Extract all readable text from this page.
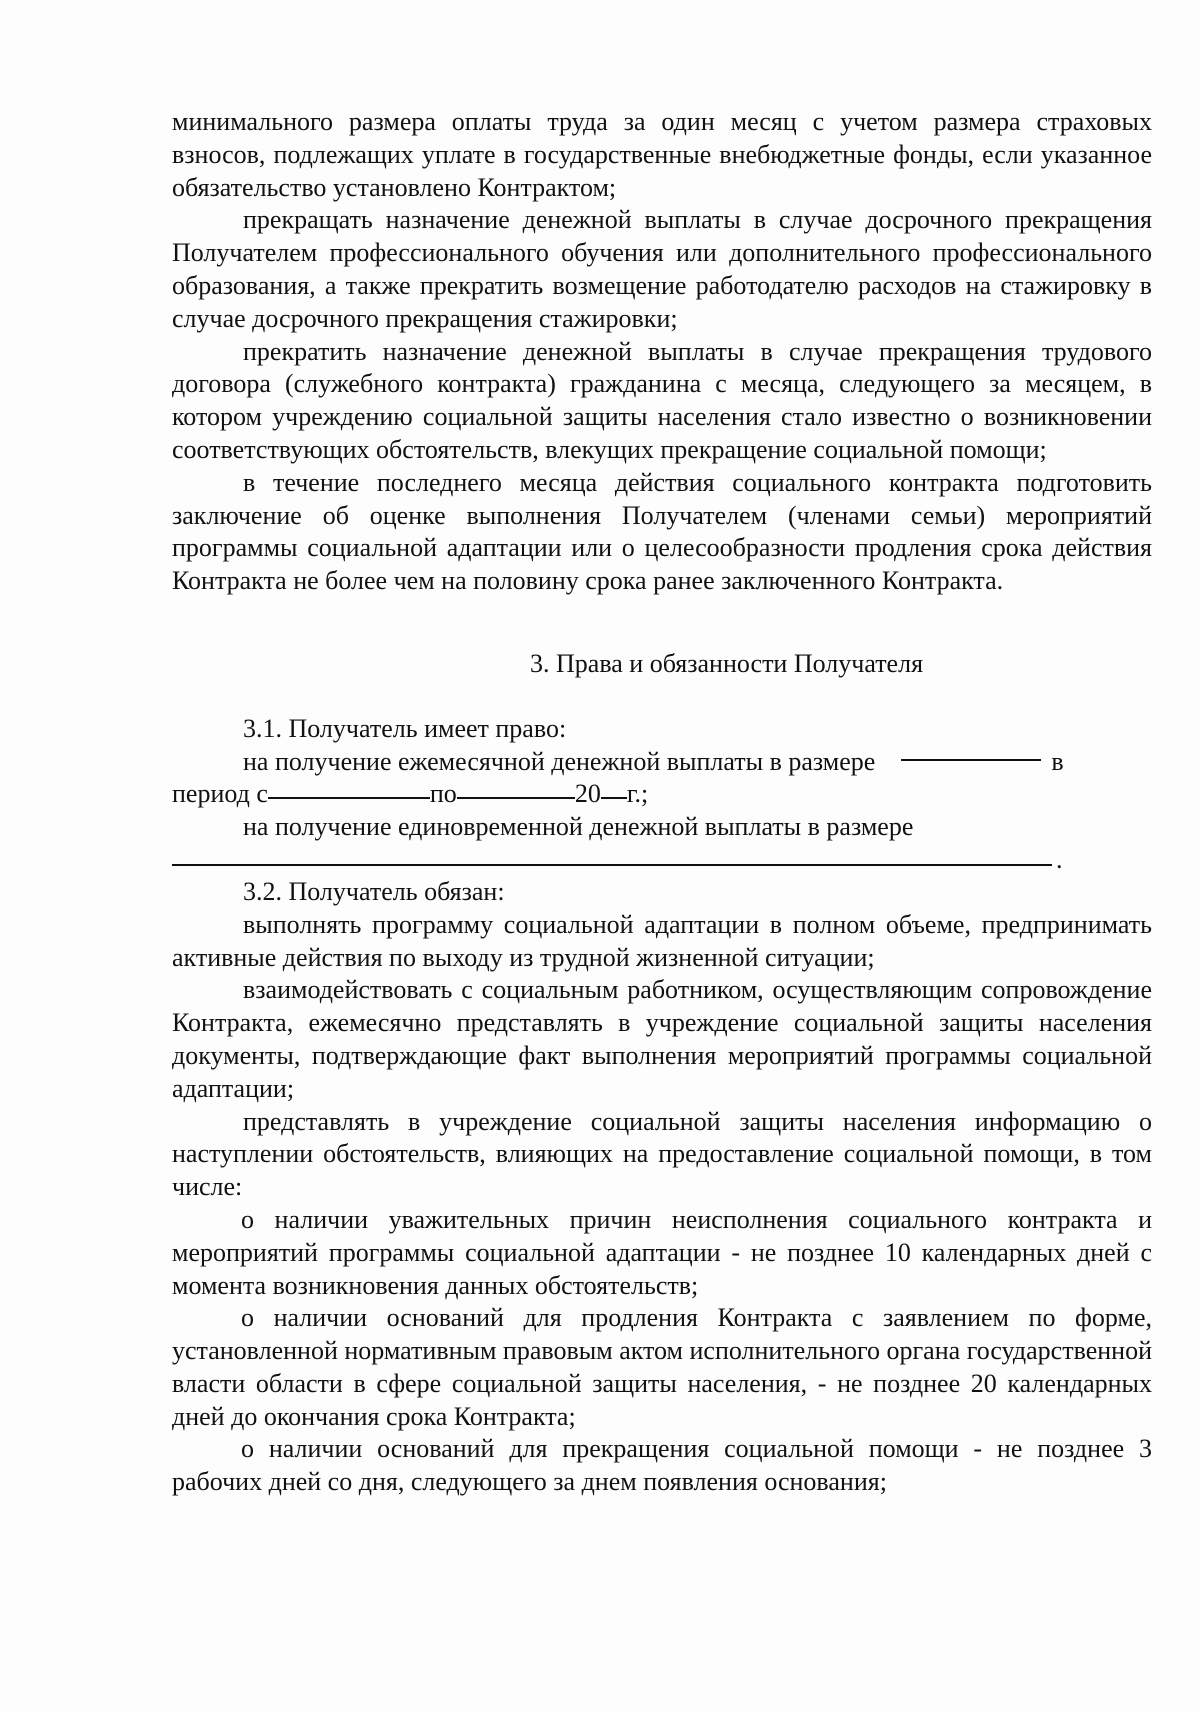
минимального размера оплаты труда за один месяц с учетом размера страховых взносов, подлежащих уплате в государственные внебюджетные фонды, если указанное обязательство установлено Контрактом;

прекращать назначение денежной выплаты в случае досрочного прекращения Получателем профессионального обучения или дополнительного профессионального образования, а также прекратить возмещение работодателю расходов на стажировку в случае досрочного прекращения стажировки;

прекратить назначение денежной выплаты в случае прекращения трудового договора (служебного контракта) гражданина с месяца, следующего за месяцем, в котором учреждению социальной защиты населения стало известно о возникновении соответствующих обстоятельств, влекущих прекращение социальной помощи;

в течение последнего месяца действия социального контракта подготовить заключение об оценке выполнения Получателем (членами семьи) мероприятий программы социальной адаптации или о целесообразности продления срока действия Контракта не более чем на половину срока ранее заключенного Контракта.

3. Права и обязанности Получателя

3.1. Получатель имеет право:

на получение ежемесячной денежной выплаты в размере	в
период с	по	20 г.;

на получение единовременной денежной выплаты в размере

.

3.2. Получатель обязан:

выполнять программу социальной адаптации в полном объеме, предпринимать активные действия по выходу из трудной жизненной ситуации;

взаимодействовать с социальным работником, осуществляющим сопровождение Контракта, ежемесячно представлять в учреждение социальной защиты населения документы, подтверждающие факт выполнения мероприятий программы социальной адаптации;

представлять в учреждение социальной защиты населения информацию о наступлении обстоятельств, влияющих на предоставление социальной помощи, в том числе:

о наличии уважительных причин неисполнения социального контракта и мероприятий программы социальной адаптации - не позднее 10 календарных дней с момента возникновения данных обстоятельств;

о наличии оснований для продления Контракта с заявлением по форме, установленной нормативным правовым актом исполнительного органа государственной власти области в сфере социальной защиты населения, - не позднее 20 календарных дней до окончания срока Контракта;

о наличии оснований для прекращения социальной помощи - не позднее 3 рабочих дней со дня, следующего за днем появления основания;
